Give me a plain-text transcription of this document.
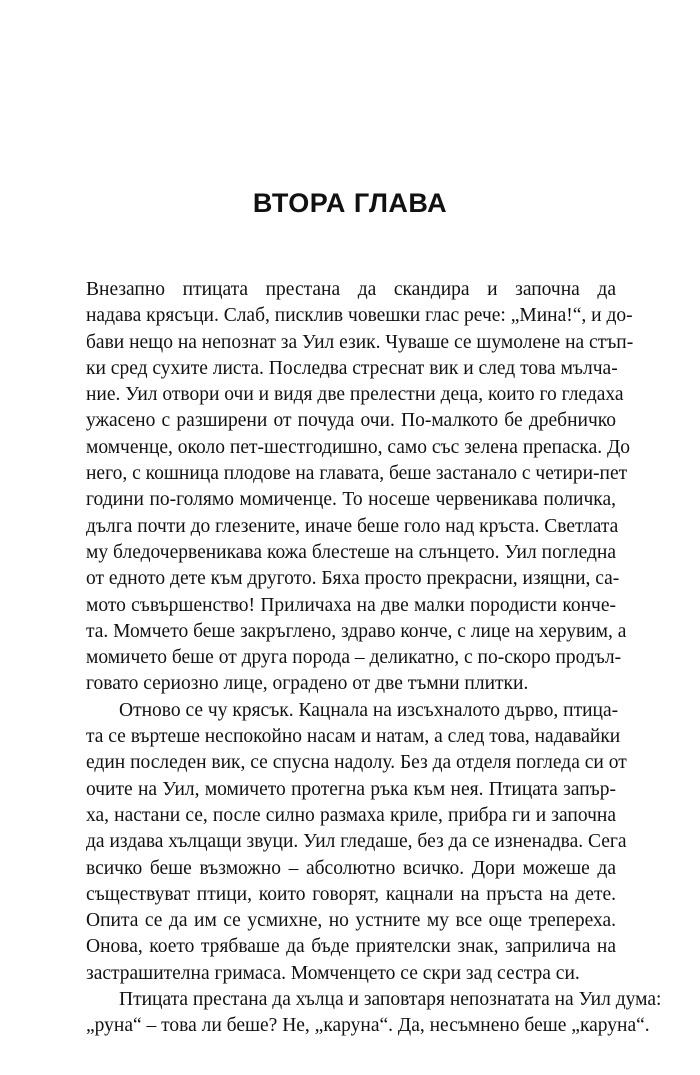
ВТОРА ГЛАВА
Внезапно птицата престана да скандира и започна да
надава крясъци. Слаб, писклив човешки глас рече: „Мина!“, и до-
бави нещо на непознат за Уил език. Чуваше се шумолене на стъп-
ки сред сухите листа. Последва стреснат вик и след това мълча-
ние. Уил отвори очи и видя две прелестни деца, които го гледаха
ужасено с разширени от почуда очи. По-малкото бе дребничко
момченце, около пет-шестгодишно, само със зелена препаска. До
него, с кошница плодове на главата, беше застанало с четири-пет
години по-голямо момиченце. То носеше червеникава поличка,
дълга почти до глезените, иначе беше голо над кръста. Светлата
му бледочервеникава кожа блестеше на слънцето. Уил погледна
от едното дете към другото. Бяха просто прекрасни, изящни, са-
мото съвършенство! Приличаха на две малки породисти конче-
та. Момчето беше закръглено, здраво конче, с лице на херувим, а
момичето беше от друга порода – деликатно, с по-скоро продъл-
говато сериозно лице, оградено от две тъмни плитки.
Отново се чу крясък. Кацнала на изсъхналото дърво, птица-
та се въртеше неспокойно насам и натам, а след това, надавайки
един последен вик, се спусна надолу. Без да отделя погледа си от
очите на Уил, момичето протегна ръка към нея. Птицата запър-
ха, настани се, после силно размаха криле, прибра ги и започна
да издава хълцащи звуци. Уил гледаше, без да се изненадва. Сега
всичко беше възможно – абсолютно всичко. Дори можеше да
съществуват птици, които говорят, кацнали на пръста на дете.
Опита се да им се усмихне, но устните му все още трепереха.
Онова, което трябваше да бъде приятелски знак, заприлича на
застрашителна гримаса. Момченцето се скри зад сестра си.
Птицата престана да хълца и заповтаря непознатата на Уил дума:
„руна“ – това ли беше? Не, „каруна“. Да, несъмнено беше „каруна“.
